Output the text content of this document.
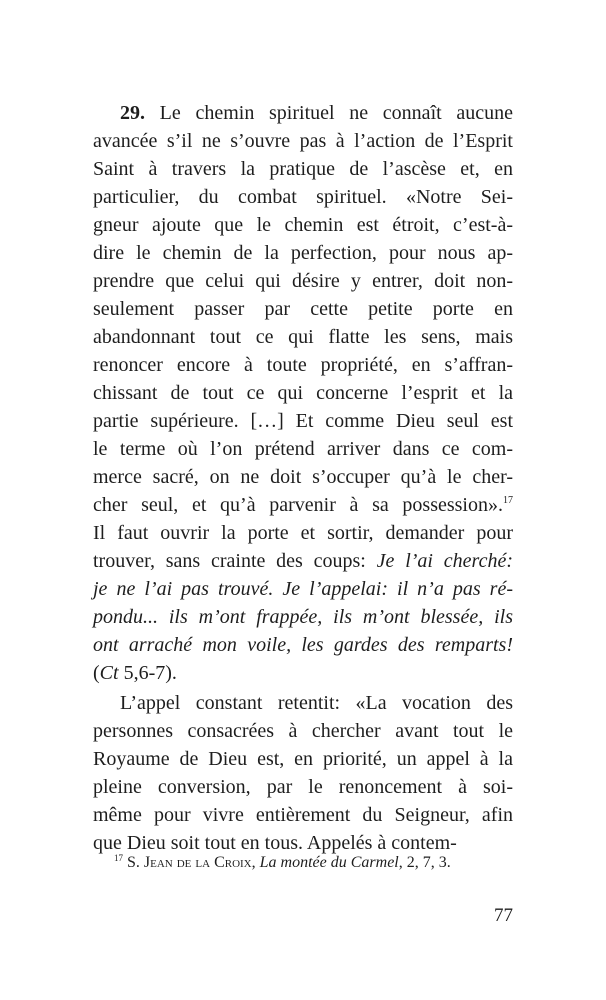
29. Le chemin spirituel ne connaît aucune
avancée s’il ne s’ouvre pas à l’action de l’Esprit
Saint à travers la pratique de l’ascèse et, en
particulier, du combat spirituel. «Notre Sei-
gneur ajoute que le chemin est étroit, c’est-à-
dire le chemin de la perfection, pour nous ap-
prendre que celui qui désire y entrer, doit non-
seulement passer par cette petite porte en
abandonnant tout ce qui flatte les sens, mais
renoncer encore à toute propriété, en s’affran-
chissant de tout ce qui concerne l’esprit et la
partie supérieure. […] Et comme Dieu seul est
le terme où l’on prétend arriver dans ce com-
merce sacré, on ne doit s’occuper qu’à le cher-
cher seul, et qu’à parvenir à sa possession».$^{17}$
Il faut ouvrir la porte et sortir, demander pour
trouver, sans crainte des coups: Je l’ai cherché:
je ne l’ai pas trouvé. Je l’appelai: il n’a pas ré-
pondu... ils m’ont frappée, ils m’ont blessée, ils
ont arraché mon voile, les gardes des remparts!
(Ct 5,6-7).
L’appel constant retentit: «La vocation des
personnes consacrées à chercher avant tout le
Royaume de Dieu est, en priorité, un appel à la
pleine conversion, par le renoncement à soi-
même pour vivre entièrement du Seigneur, afin
que Dieu soit tout en tous. Appelés à contem-
$^{17}$ S. Jean de la Croix, La montée du Carmel, 2, 7, 3.
77
